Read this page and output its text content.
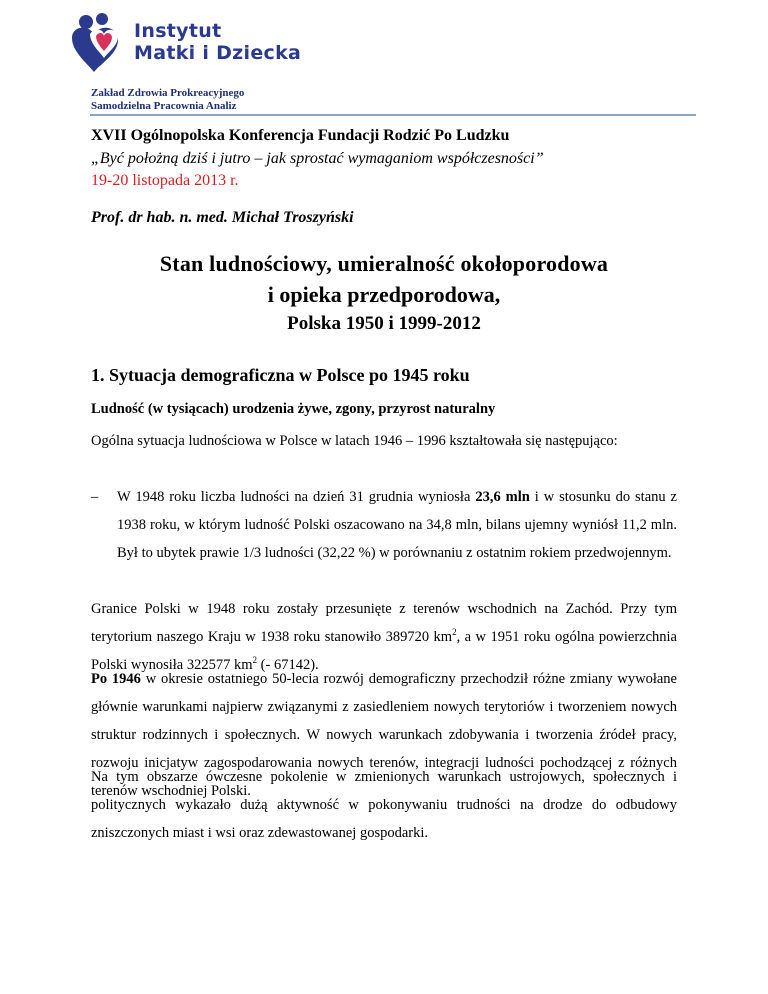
Instytut
Matki i Dziecka
Zakład Zdrowia Prokreacyjnego
Samodzielna Pracownia Analiz
XVII Ogólnopolska Konferencja Fundacji Rodzić Po Ludzku
„Być położną dziś i jutro – jak sprostać wymaganiom współczesności”
19-20 listopada 2013 r.
Prof. dr hab. n. med. Michał Troszyński
Stan ludnościowy, umieralność okołoporodowa
i opieka przedporodowa,
Polska 1950 i 1999-2012
1. Sytuacja demograficzna w Polsce po 1945 roku
Ludność (w tysiącach) urodzenia żywe, zgony, przyrost naturalny
Ogólna sytuacja ludnościowa w Polsce w latach 1946 – 1996 kształtowała się następująco:
– W 1948 roku liczba ludności na dzień 31 grudnia wyniosła 23,6 mln i w stosunku do stanu z 1938 roku, w którym ludność Polski oszacowano na 34,8 mln, bilans ujemny wyniósł 11,2 mln. Był to ubytek prawie 1/3 ludności (32,22 %) w porównaniu z ostatnim rokiem przedwojennym.
Granice Polski w 1948 roku zostały przesunięte z terenów wschodnich na Zachód. Przy tym terytorium naszego Kraju w 1938 roku stanowiło 389720 $km^2$, a w 1951 roku ogólna powierzchnia Polski wynosiła 322577 $km^2$ (- 67142).
Po 1946 w okresie ostatniego 50-lecia rozwój demograficzny przechodził różne zmiany wywołane głównie warunkami najpierw związanymi z zasiedleniem nowych terytoriów i tworzeniem nowych struktur rodzinnych i społecznych. W nowych warunkach zdobywania i tworzenia źródeł pracy, rozwoju inicjatyw zagospodarowania nowych terenów, integracji ludności pochodzącej z różnych terenów wschodniej Polski.
Na tym obszarze ówczesne pokolenie w zmienionych warunkach ustrojowych, społecznych i politycznych wykazało dużą aktywność w pokonywaniu trudności na drodze do odbudowy zniszczonych miast i wsi oraz zdewastowanej gospodarki.
